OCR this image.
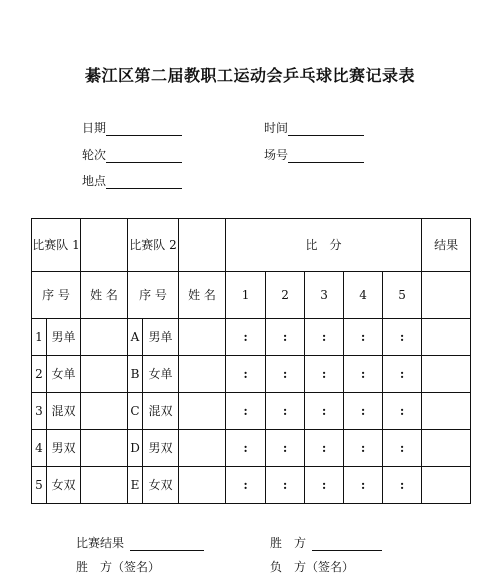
綦江区第二届教职工运动会乒乓球比赛记录表
日期	时间
轮次	场号
地点
比赛队 1			比赛队 2			比　分					结果
序 号		姓 名	序 号		姓 名	1	2	3	4	5	
1	男单		A	男单		:	:	:	:	:	
2	女单		B	女单		:	:	:	:	:	
3	混双		C	混双		:	:	:	:	:	
4	男双		D	男双		:	:	:	:	:	
5	女双		E	女双		:	:	:	:	:	
比赛结果	胜　方
胜　方（签名）	负　方（签名）
